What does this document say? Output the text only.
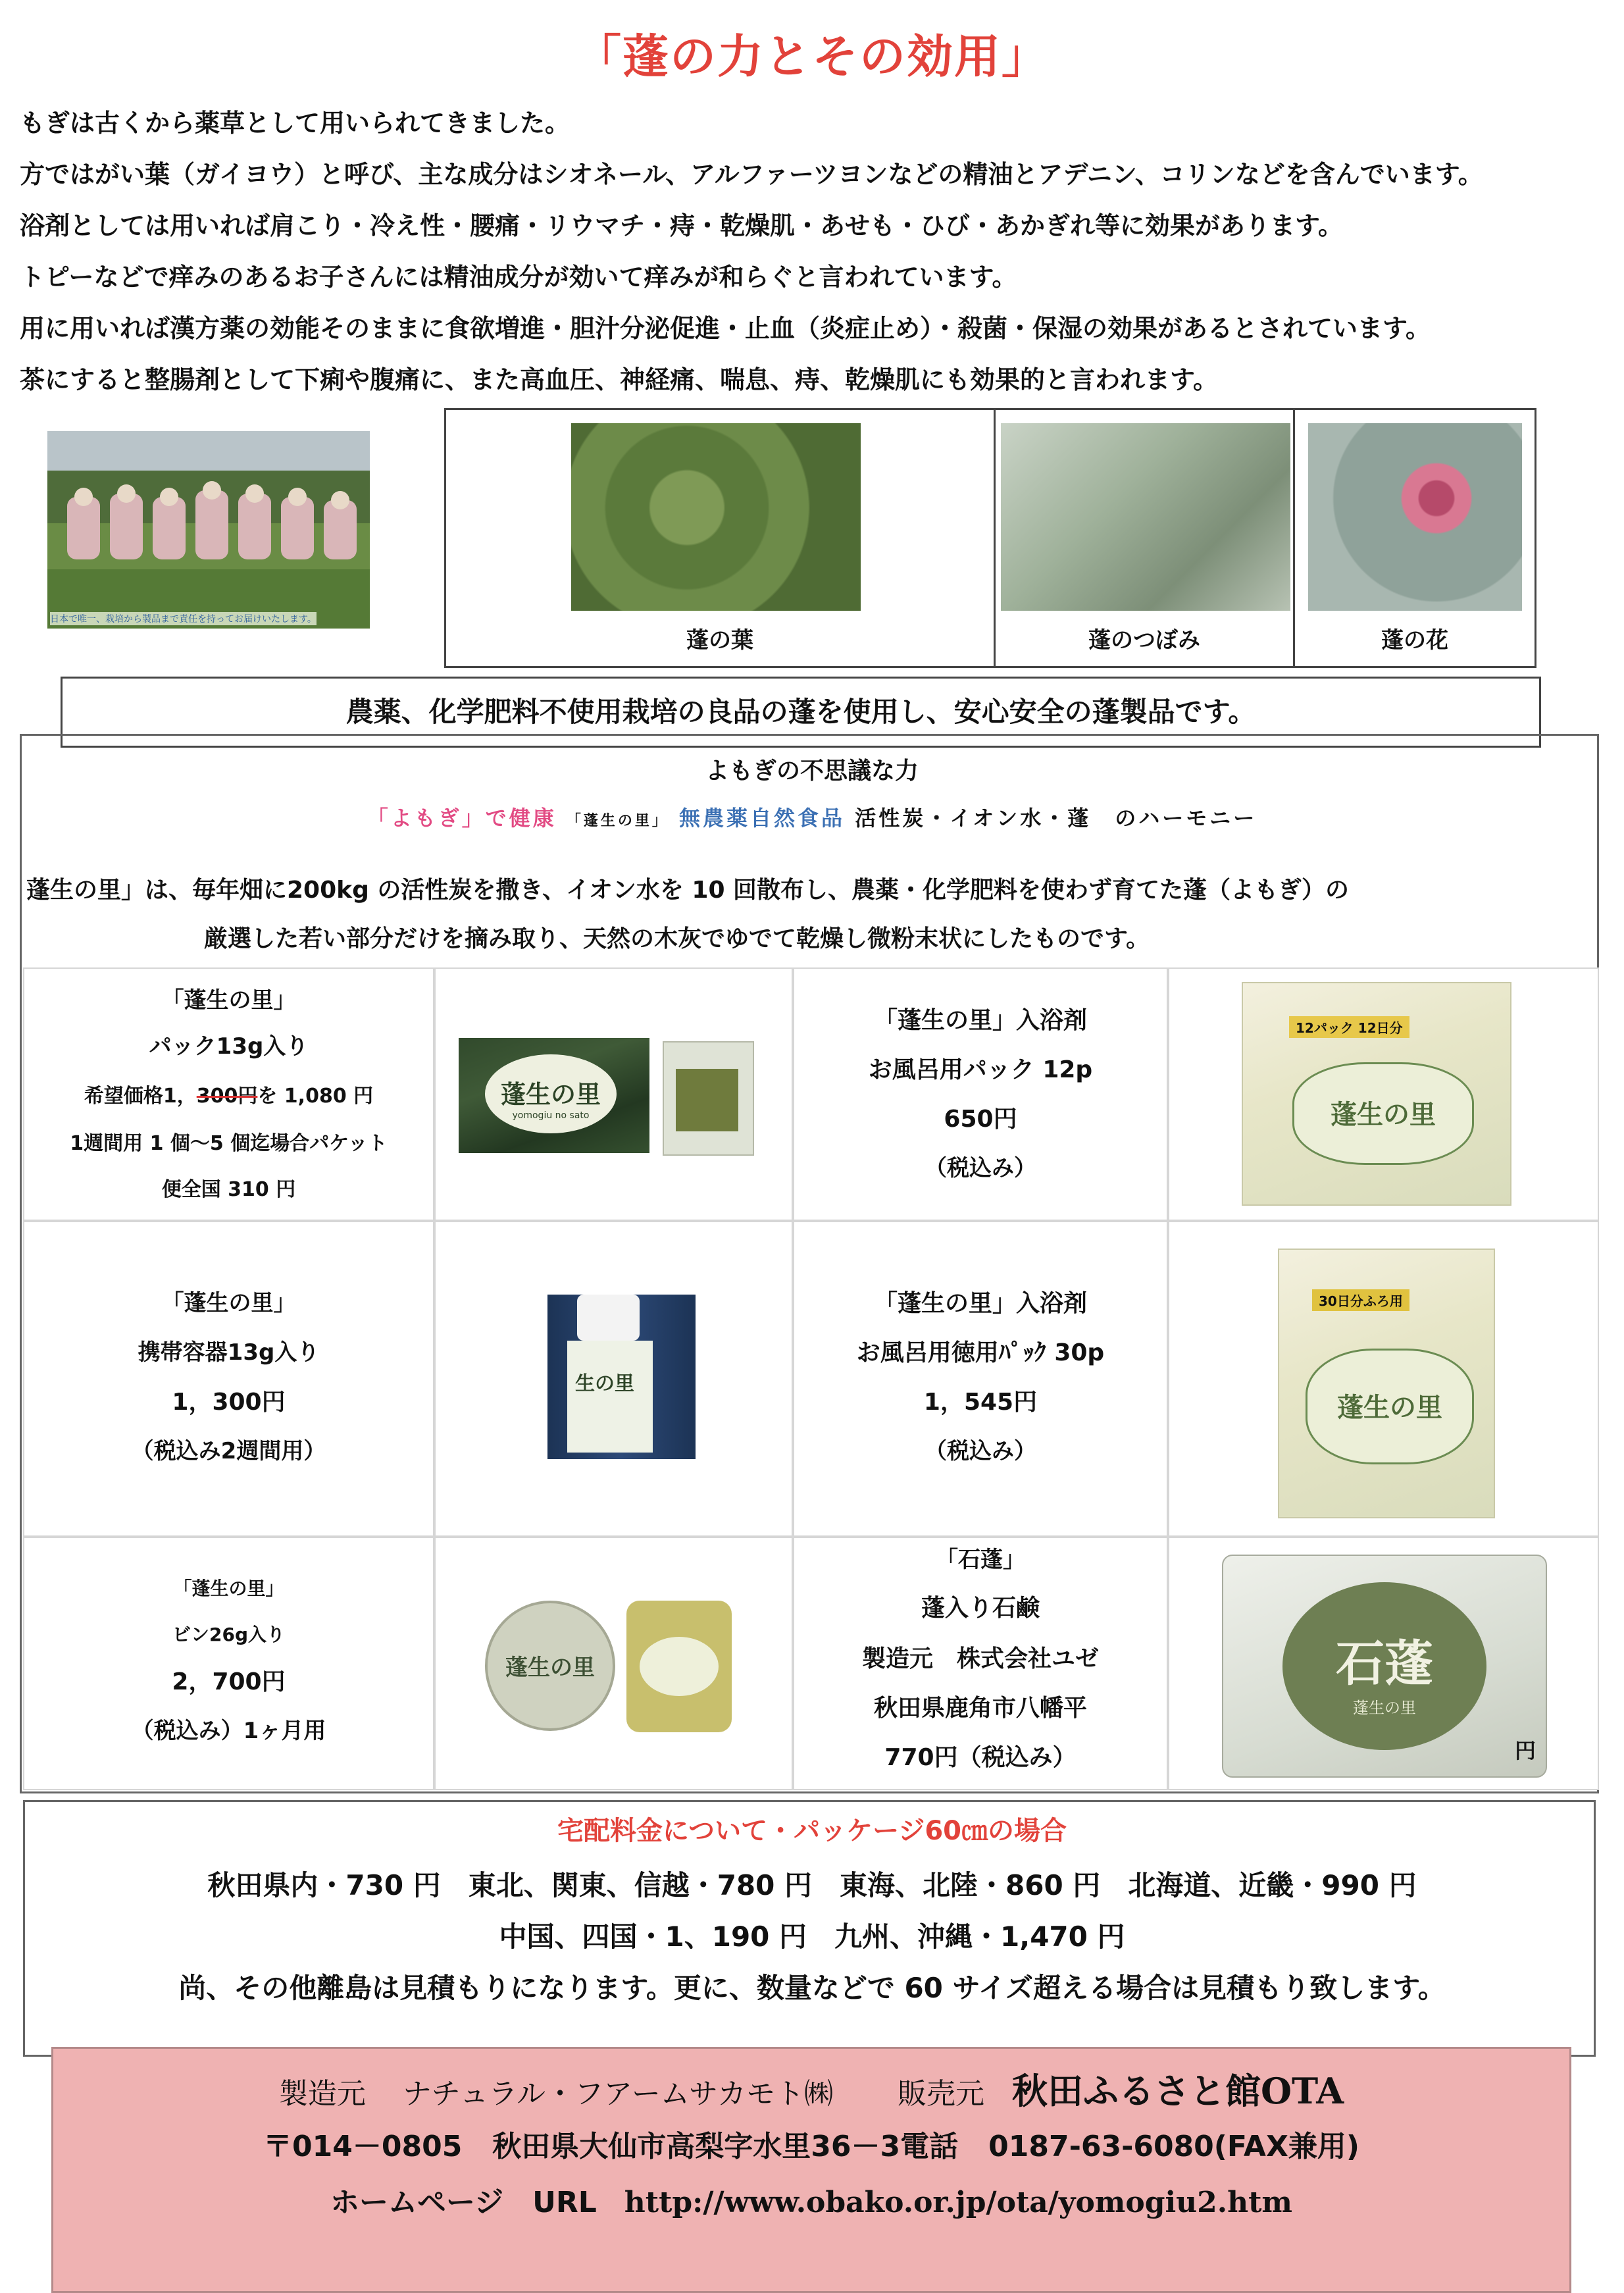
「蓬の力とその効用」

もぎは古くから薬草として用いられてきました。

方ではがい葉（ガイヨウ）と呼び、主な成分はシオネール、アルファーツヨンなどの精油とアデニン、コリンなどを含んでいます。

浴剤としては用いれば肩こり・冷え性・腰痛・リウマチ・痔・乾燥肌・あせも・ひび・あかぎれ等に効果があります。

トピーなどで痒みのあるお子さんには精油成分が効いて痒みが和らぐと言われています。

用に用いれば漢方薬の効能そのままに食欲増進・胆汁分泌促進・止血（炎症止め）・殺菌・保湿の効果があるとされています。

茶にすると整腸剤として下痢や腹痛に、また高血圧、神経痛、喘息、痔、乾燥肌にも効果的と言われます。

日本で唯一、栽培から製品まで責任を持ってお届けいたします。
蓬の葉	蓬のつぼみ	蓬の花
農薬、化学肥料不使用栽培の良品の蓬を使用し、安心安全の蓬製品です。
よもぎの不思議な力
「よもぎ」で健康 「蓬生の里」 無農薬自然食品 活性炭・イオン水・蓬　のハーモニー

蓬生の里」は、毎年畑に200kg の活性炭を撒き、イオン水を 10 回散布し、農薬・化学肥料を使わず育てた蓬（よもぎ）の

厳選した若い部分だけを摘み取り、天然の木灰でゆでて乾燥し微粉末状にしたものです。

「蓬生の里」
パック13g入り
希望価格1，300円を 1,080 円
1週間用 1 個～5 個迄場合パケット
便全国 310 円
蓬生の里
yomogiu no sato
「蓬生の里」入浴剤
お風呂用パック 12p
650円
（税込み）
12パック 12日分
蓬生の里
「蓬生の里」
携帯容器13g入り
1，300円
（税込み2週間用）
生の里
「蓬生の里」入浴剤
お風呂用徳用ﾊﾟｯｸ 30p
1，545円
（税込み）
30日分ふろ用
蓬生の里
「蓬生の里」
ビン26g入り
2，700円
（税込み）1ヶ月用
蓬生の里
「石蓬」
蓬入り石鹸
製造元　株式会社ユゼ
秋田県鹿角市八幡平
770円（税込み）
石蓬
蓬生の里
円
宅配料金について・パッケージ60㎝の場合
秋田県内・730 円　東北、関東、信越・780 円　東海、北陸・860 円　北海道、近畿・990 円
中国、四国・1、190 円　九州、沖縄・1,470 円
尚、その他離島は見積もりになります。更に、数量などで 60 サイズ超える場合は見積もり致します。
製造元 ナチュラル・フアームサカモト㈱ 販売元 秋田ふるさと館OTA
〒014－0805 秋田県大仙市高梨字水里36－3電話 0187-63-6080(FAX兼用)
ホームページ　URL http://www.obako.or.jp/ota/yomogiu2.htm
